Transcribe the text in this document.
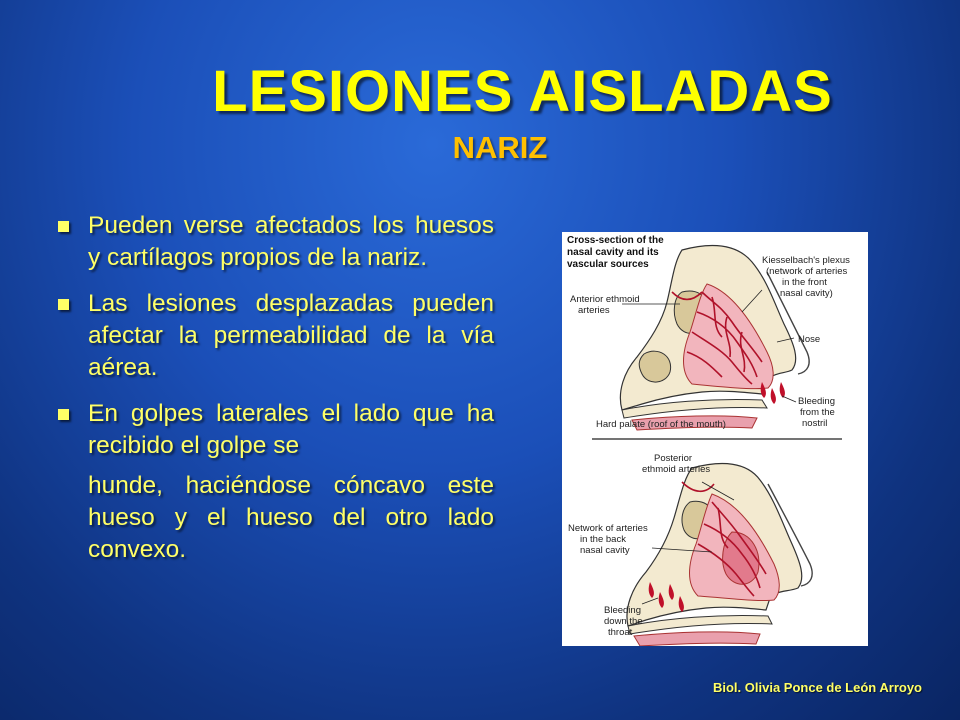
LESIONES AISLADAS
NARIZ
Pueden verse afectados los huesos y cartílagos propios de la nariz.
Las lesiones desplazadas pueden afectar la permeabilidad de la vía aérea.
En golpes laterales el lado que ha recibido el golpe se
hunde, haciéndose cóncavo este hueso y el hueso del otro lado convexo.
Cross-section of the
nasal cavity and its
vascular sources	Kiesselbach's plexus
(network of arteries
in the front
nasal cavity)
Anterior ethmoid
arteries
Nose
Bleeding
from the
nostril
Hard palate (roof of the mouth)
Posterior
ethmoid arteries
Network of arteries
in the back
nasal cavity
Bleeding
down the
throat
Biol. Olivia Ponce de León Arroyo
